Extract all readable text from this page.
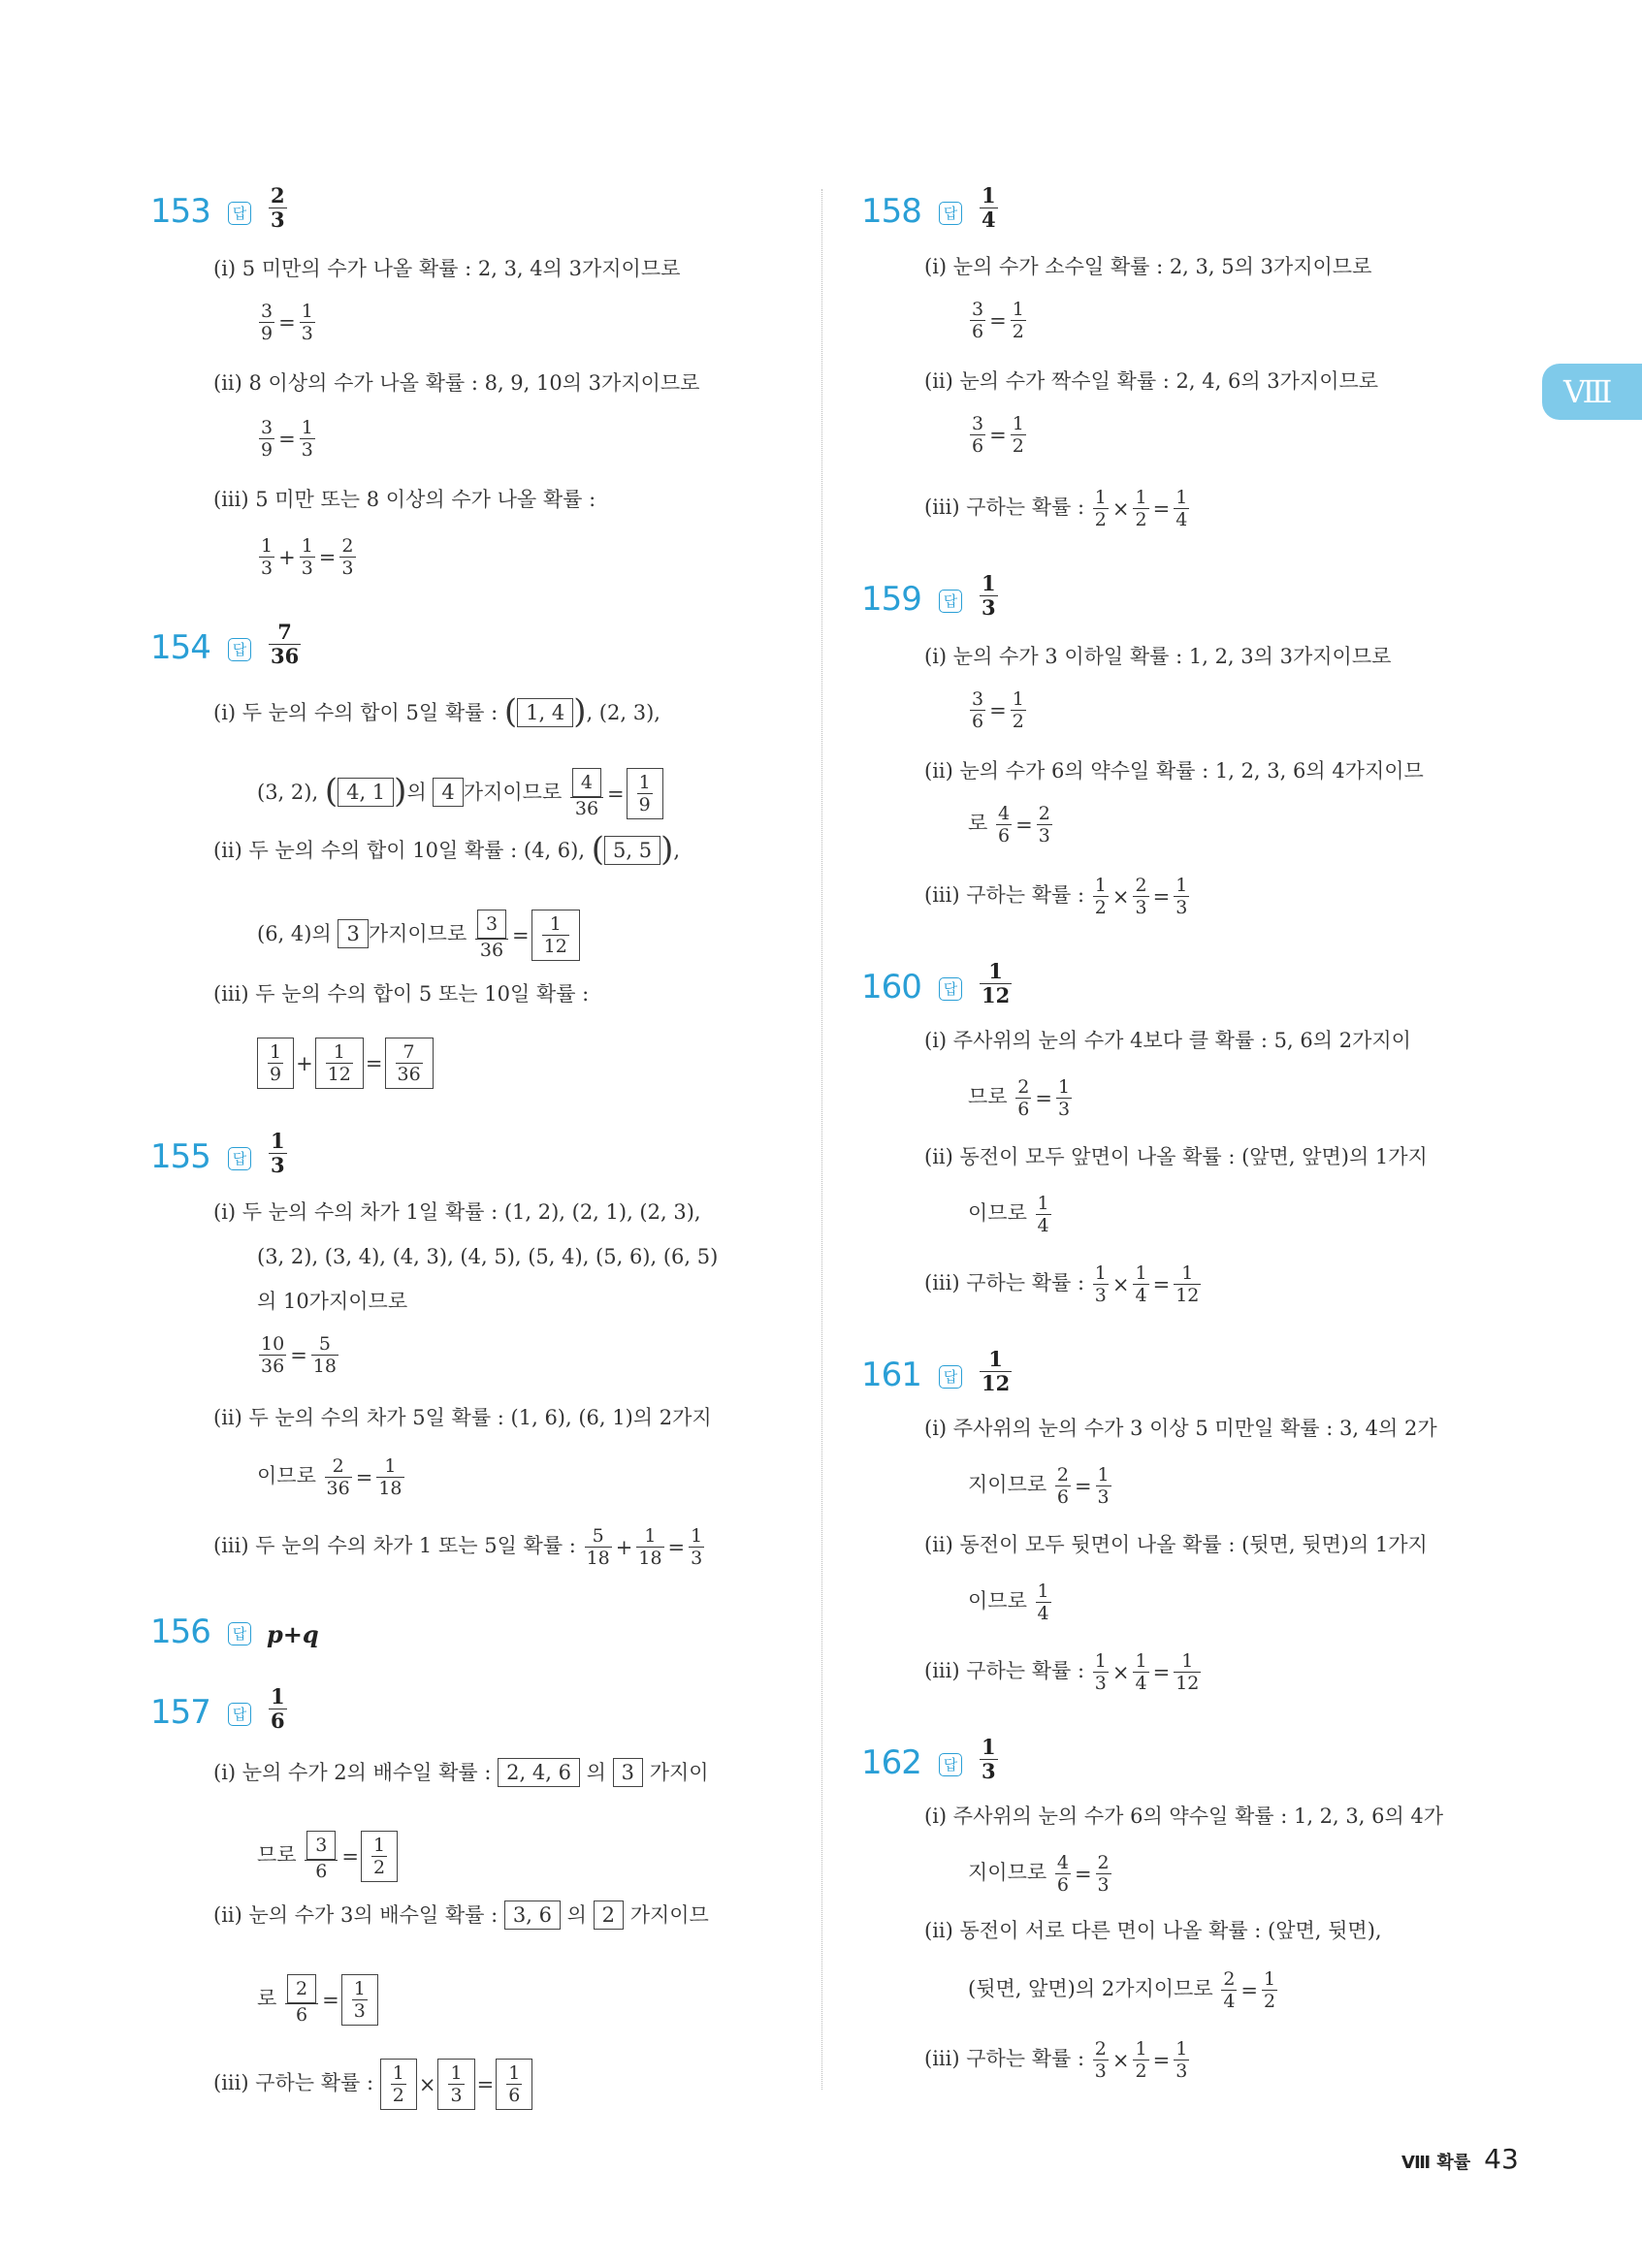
Ⅷ
153	답 $\frac{2}{3}$
(i) 5 미만의 수가 나올 확률 : 2, 3, 4의 3가지이므로
$\frac{3}{9} = \frac{1}{3}$
(ii) 8 이상의 수가 나올 확률 : 8, 9, 10의 3가지이므로
$\frac{3}{9} = \frac{1}{3}$
(iii) 5 미만 또는 8 이상의 수가 나올 확률 :
$\frac{1}{3} + \frac{1}{3} = \frac{2}{3}$
154	답 $\frac{7}{36}$
(i) 두 눈의 수의 합이 5일 확률 : ( 1, 4 ), (2, 3),
(3, 2), ( 4, 1 )의 4 가지이므로 $\frac{4}{36} = \frac{1}{9}$
(ii) 두 눈의 수의 합이 10일 확률 : (4, 6), ( 5, 5 ),
(6, 4)의 3 가지이므로 $\frac{3}{36} = \frac{1}{12}$
(iii) 두 눈의 수의 합이 5 또는 10일 확률 :
$\frac{1}{9} + \frac{1}{12} = \frac{7}{36}$
155	답 $\frac{1}{3}$
(i) 두 눈의 수의 차가 1일 확률 : (1, 2), (2, 1), (2, 3),
(3, 2), (3, 4), (4, 3), (4, 5), (5, 4), (5, 6), (6, 5)
의 10가지이므로
$\frac{10}{36} = \frac{5}{18}$
(ii) 두 눈의 수의 차가 5일 확률 : (1, 6), (6, 1)의 2가지
이므로 $\frac{2}{36} = \frac{1}{18}$
(iii) 두 눈의 수의 차가 1 또는 5일 확률 : $\frac{5}{18} + \frac{1}{18} = \frac{1}{3}$
156	답 p+q
157	답 $\frac{1}{6}$
(i) 눈의 수가 2의 배수일 확률 : 2, 4, 6 의 3 가지이
므로 $\frac{3}{6} = \frac{1}{2}$
(ii) 눈의 수가 3의 배수일 확률 : 3, 6 의 2 가지이므
로 $\frac{2}{6} = \frac{1}{3}$
(iii) 구하는 확률 : $\frac{1}{2} \times \frac{1}{3} = \frac{1}{6}$
158	답 $\frac{1}{4}$
(i) 눈의 수가 소수일 확률 : 2, 3, 5의 3가지이므로
$\frac{3}{6} = \frac{1}{2}$
(ii) 눈의 수가 짝수일 확률 : 2, 4, 6의 3가지이므로
$\frac{3}{6} = \frac{1}{2}$
(iii) 구하는 확률 : $\frac{1}{2} \times \frac{1}{2} = \frac{1}{4}$
159	답 $\frac{1}{3}$
(i) 눈의 수가 3 이하일 확률 : 1, 2, 3의 3가지이므로
$\frac{3}{6} = \frac{1}{2}$
(ii) 눈의 수가 6의 약수일 확률 : 1, 2, 3, 6의 4가지이므
로 $\frac{4}{6} = \frac{2}{3}$
(iii) 구하는 확률 : $\frac{1}{2} \times \frac{2}{3} = \frac{1}{3}$
160	답 $\frac{1}{12}$
(i) 주사위의 눈의 수가 4보다 클 확률 : 5, 6의 2가지이
므로 $\frac{2}{6} = \frac{1}{3}$
(ii) 동전이 모두 앞면이 나올 확률 : (앞면, 앞면)의 1가지
이므로 $\frac{1}{4}$
(iii) 구하는 확률 : $\frac{1}{3} \times \frac{1}{4} = \frac{1}{12}$
161	답 $\frac{1}{12}$
(i) 주사위의 눈의 수가 3 이상 5 미만일 확률 : 3, 4의 2가
지이므로 $\frac{2}{6} = \frac{1}{3}$
(ii) 동전이 모두 뒷면이 나올 확률 : (뒷면, 뒷면)의 1가지
이므로 $\frac{1}{4}$
(iii) 구하는 확률 : $\frac{1}{3} \times \frac{1}{4} = \frac{1}{12}$
162	답 $\frac{1}{3}$
(i) 주사위의 눈의 수가 6의 약수일 확률 : 1, 2, 3, 6의 4가
지이므로 $\frac{4}{6} = \frac{2}{3}$
(ii) 동전이 서로 다른 면이 나올 확률 : (앞면, 뒷면),
(뒷면, 앞면)의 2가지이므로 $\frac{2}{4} = \frac{1}{2}$
(iii) 구하는 확률 : $\frac{2}{3} \times \frac{1}{2} = \frac{1}{3}$
Ⅷ 확률 43
